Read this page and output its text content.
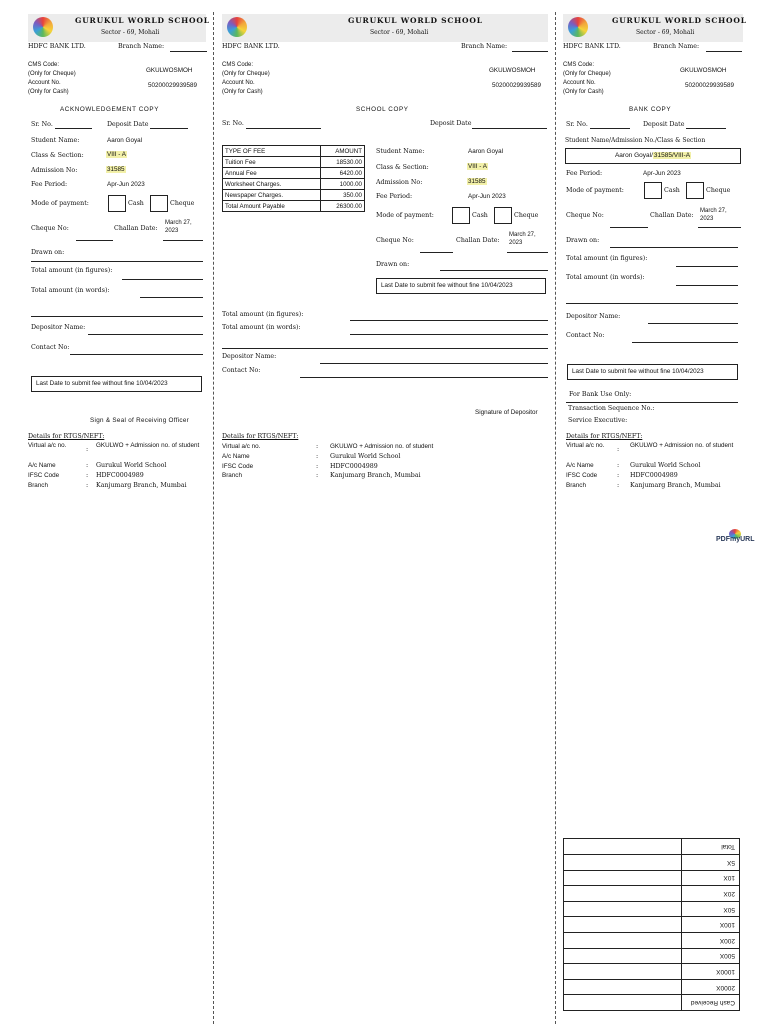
GURUKUL WORLD SCHOOL
Sector - 69, Mohali
GURUKUL WORLD SCHOOL
Sector - 69, Mohali
GURUKUL WORLD SCHOOL
Sector - 69, Mohali
HDFC BANK LTD.	Branch Name:
CMS Code:
(Only for Cheque)
Account No.
(Only for Cash)
GKULWOSMOH
50200029939589
ACKNOWLEDGEMENT COPY
Sr. No.	Deposit Date
Student Name:	Aaron Goyal
Class & Section:	VIII - A
Admission No:	31585
Fee Period:	Apr-Jun 2023
Mode of payment:	Cash	Cheque
Cheque No:	Challan Date:
March 27, 2023
Drawn on:
Total amount (in figures):
Total amount (in words):
Depositor Name:
Contact No:
Last Date to submit fee without fine 10/04/2023
Sign & Seal of Receiving Officer
Details for RTGS/NEFT:
Virtual a/c no.
:
GKULWO + Admission no. of student
A/c Name	: Gurukul World School
IFSC Code	: HDFC0004989
Branch	: Kanjumarg Branch, Mumbai
HDFC BANK LTD.	Branch Name:
CMS Code:
(Only for Cheque)
Account No.
(Only for Cash)
GKULWOSMOH
50200029939589
SCHOOL COPY
Sr. No.	Deposit Date
TYPE OF FEE	AMOUNT
Tuition Fee	18530.00
Annual Fee	6420.00
Worksheet Charges.	1000.00
Newspaper Charges.	350.00
Total Amount Payable	26300.00
Student Name:	Aaron Goyal
Class & Section:	VIII - A
Admission No:	31585
Fee Period:	Apr-Jun 2023
Mode of payment:	Cash	Cheque
Cheque No:	Challan Date:
March 27, 2023
Drawn on:
Last Date to submit fee without fine 10/04/2023
Total amount (in figures):
Total amount (in words):
Depositor Name:
Contact No:
Signature of Depositor
Details for RTGS/NEFT:
Virtual a/c no.	: GKULWO + Admission no. of student
A/c Name	: Gurukul World School
IFSC Code	: HDFC0004989
Branch	: Kanjumarg Branch, Mumbai
HDFC BANK LTD.	Branch Name:
CMS Code:
(Only for Cheque)
Account No.
(Only for Cash)
GKULWOSMOH
50200029939589
BANK COPY
Sr. No.	Deposit Date
Student Name/Admission No./Class & Section
Aaron Goyal/31585/VIII-A
Fee Period:	Apr-Jun 2023
Mode of payment:	Cash	Cheque
Cheque No:	Challan Date:
March 27, 2023
Drawn on:
Total amount (in figures):
Total amount (in words):
Depositor Name:
Contact No:
Last Date to submit fee without fine 10/04/2023
For Bank Use Only:
Transaction Sequence No.:
Service Executive:
Details for RTGS/NEFT:
Virtual a/c no.
:
GKULWO + Admission no. of student
A/c Name	: Gurukul World School
IFSC Code	: HDFC0004989
Branch	: Kanjumarg Branch, Mumbai
PDFmyURL
Cash Received	
2000X	
1000X	
500X	
200X	
100X	
50X	
20X	
10X	
5X	
Total	
